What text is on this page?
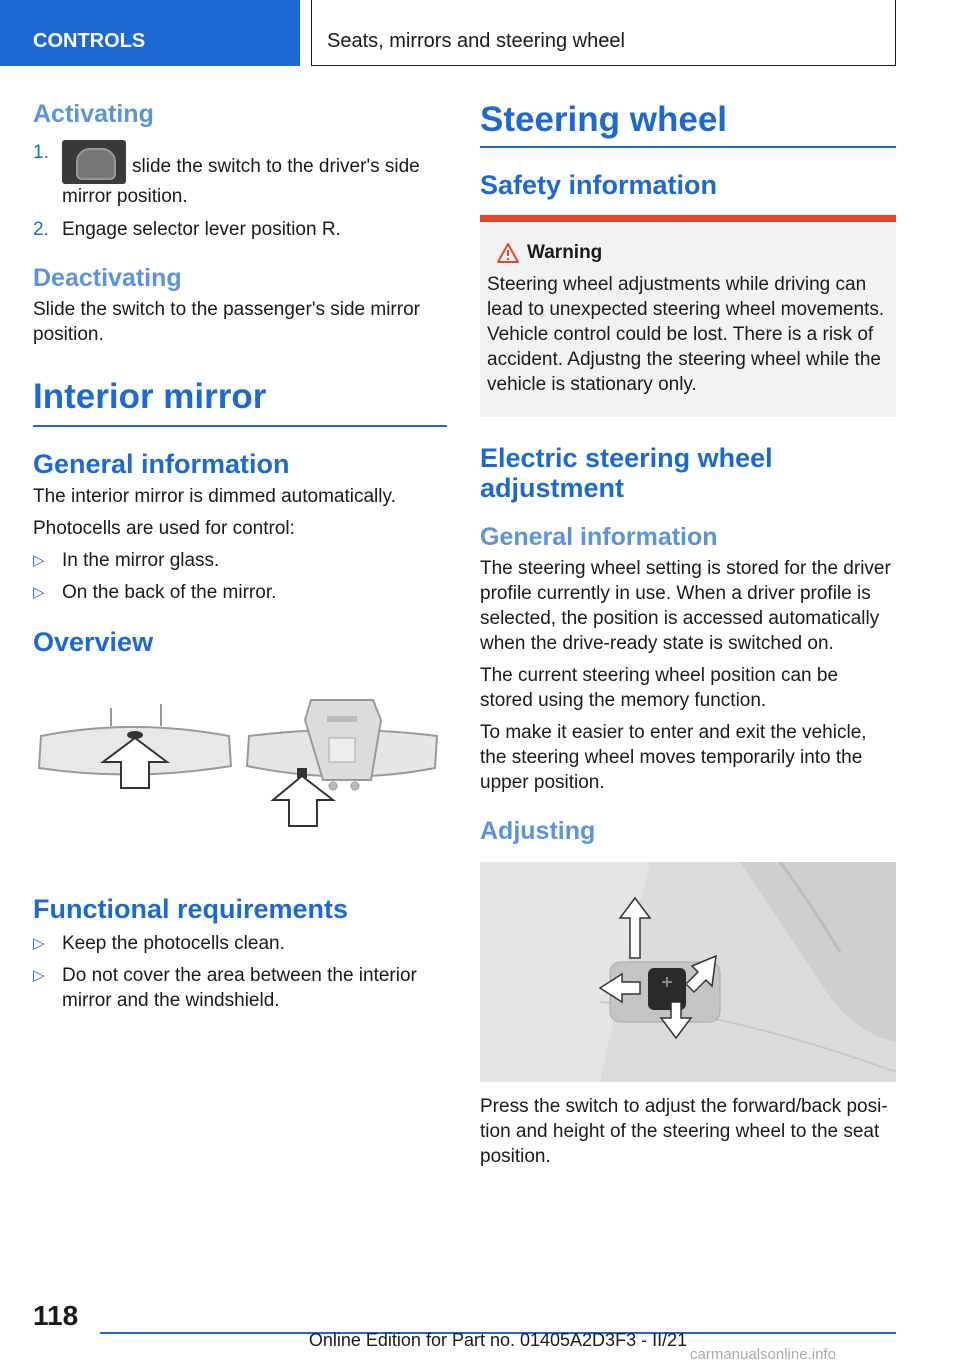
CONTROLS	Seats, mirrors and steering wheel
Activating
1.
slide the switch to the driver's side mirror position.
2. Engage selector lever position R.
Deactivating
Slide the switch to the passenger's side mirror position.
Interior mirror
General information
The interior mirror is dimmed automatically.
Photocells are used for control:
▷ In the mirror glass.
▷ On the back of the mirror.
Overview
Functional requirements
▷ Keep the photocells clean.
▷ Do not cover the area between the interior mirror and the windshield.
Steering wheel
Safety information
Warning
Steering wheel adjustments while driving can lead to unexpected steering wheel movements. Vehicle control could be lost. There is a risk of accident. Adjustng the steering wheel while the vehicle is stationary only.
Electric steering wheel adjustment
General information
The steering wheel setting is stored for the driver profile currently in use. When a driver profile is selected, the position is accessed automatically when the drive-ready state is switched on.
The current steering wheel position can be stored using the memory function.
To make it easier to enter and exit the vehicle, the steering wheel moves temporarily into the upper position.
Adjusting
Press the switch to adjust the forward/back posi‐ tion and height of the steering wheel to the seat position.
118
Online Edition for Part no. 01405A2D3F3 - II/21
carmanualsonline.info
